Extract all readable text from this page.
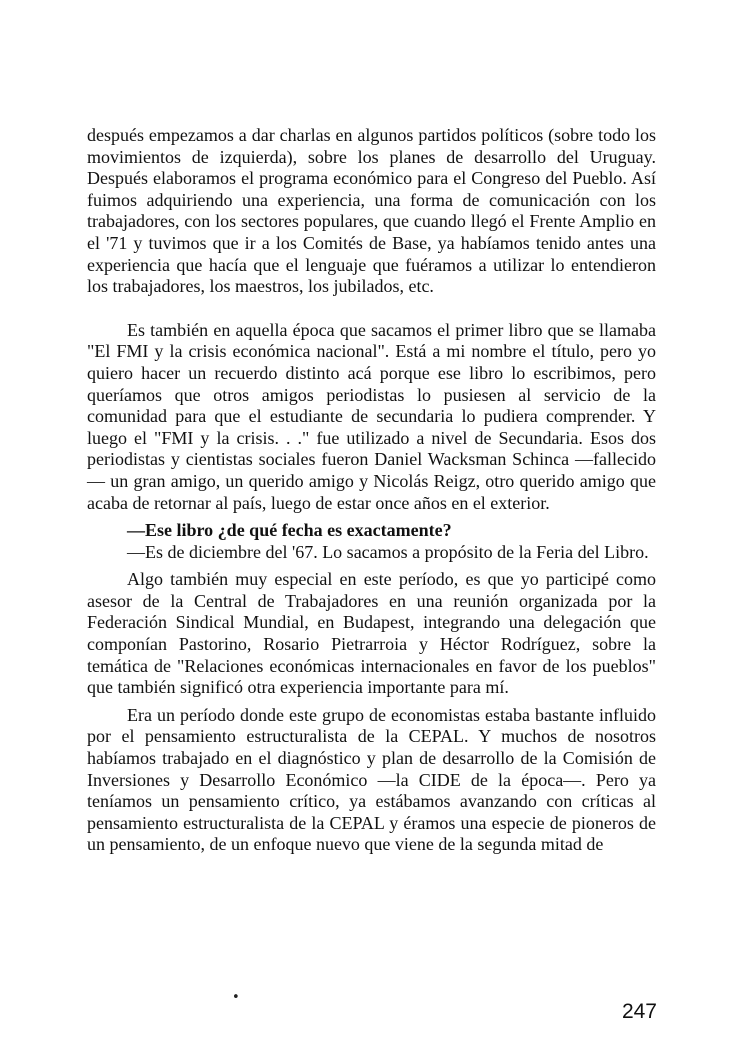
después empezamos a dar charlas en algunos partidos políticos (sobre todo los movimientos de izquierda), sobre los planes de desarrollo del Uruguay. Después elaboramos el programa económico para el Congreso del Pueblo. Así fuimos adquiriendo una experiencia, una forma de comunicación con los trabajadores, con los sectores populares, que cuando llegó el Frente Amplio en el '71 y tuvimos que ir a los Comités de Base, ya habíamos tenido antes una experiencia que hacía que el lenguaje que fuéramos a utilizar lo entendieron los trabajadores, los maestros, los jubilados, etc.

Es también en aquella época que sacamos el primer libro que se llamaba "El FMI y la crisis económica nacional". Está a mi nombre el título, pero yo quiero hacer un recuerdo distinto acá porque ese libro lo escribimos, pero queríamos que otros amigos periodistas lo pusiesen al servicio de la comunidad para que el estudiante de secundaria lo pudiera comprender. Y luego el "FMI y la crisis. . ." fue utilizado a nivel de Secundaria. Esos dos periodistas y cientistas sociales fueron Daniel Wacksman Schinca —fallecido— un gran amigo, un querido amigo y Nicolás Reigz, otro querido amigo que acaba de retornar al país, luego de estar once años en el exterior.

—Ese libro ¿de qué fecha es exactamente?

—Es de diciembre del '67. Lo sacamos a propósito de la Feria del Libro.

Algo también muy especial en este período, es que yo participé como asesor de la Central de Trabajadores en una reunión organizada por la Federación Sindical Mundial, en Budapest, integrando una delegación que componían Pastorino, Rosario Pietrarroia y Héctor Rodríguez, sobre la temática de "Relaciones económicas internacionales en favor de los pueblos" que también significó otra experiencia importante para mí.

Era un período donde este grupo de economistas estaba bastante influido por el pensamiento estructuralista de la CEPAL. Y muchos de nosotros habíamos trabajado en el diagnóstico y plan de desarrollo de la Comisión de Inversiones y Desarrollo Económico —la CIDE de la época—. Pero ya teníamos un pensamiento crítico, ya estábamos avanzando con críticas al pensamiento estructuralista de la CEPAL y éramos una especie de pioneros de un pensamiento, de un enfoque nuevo que viene de la segunda mitad de

•
247
